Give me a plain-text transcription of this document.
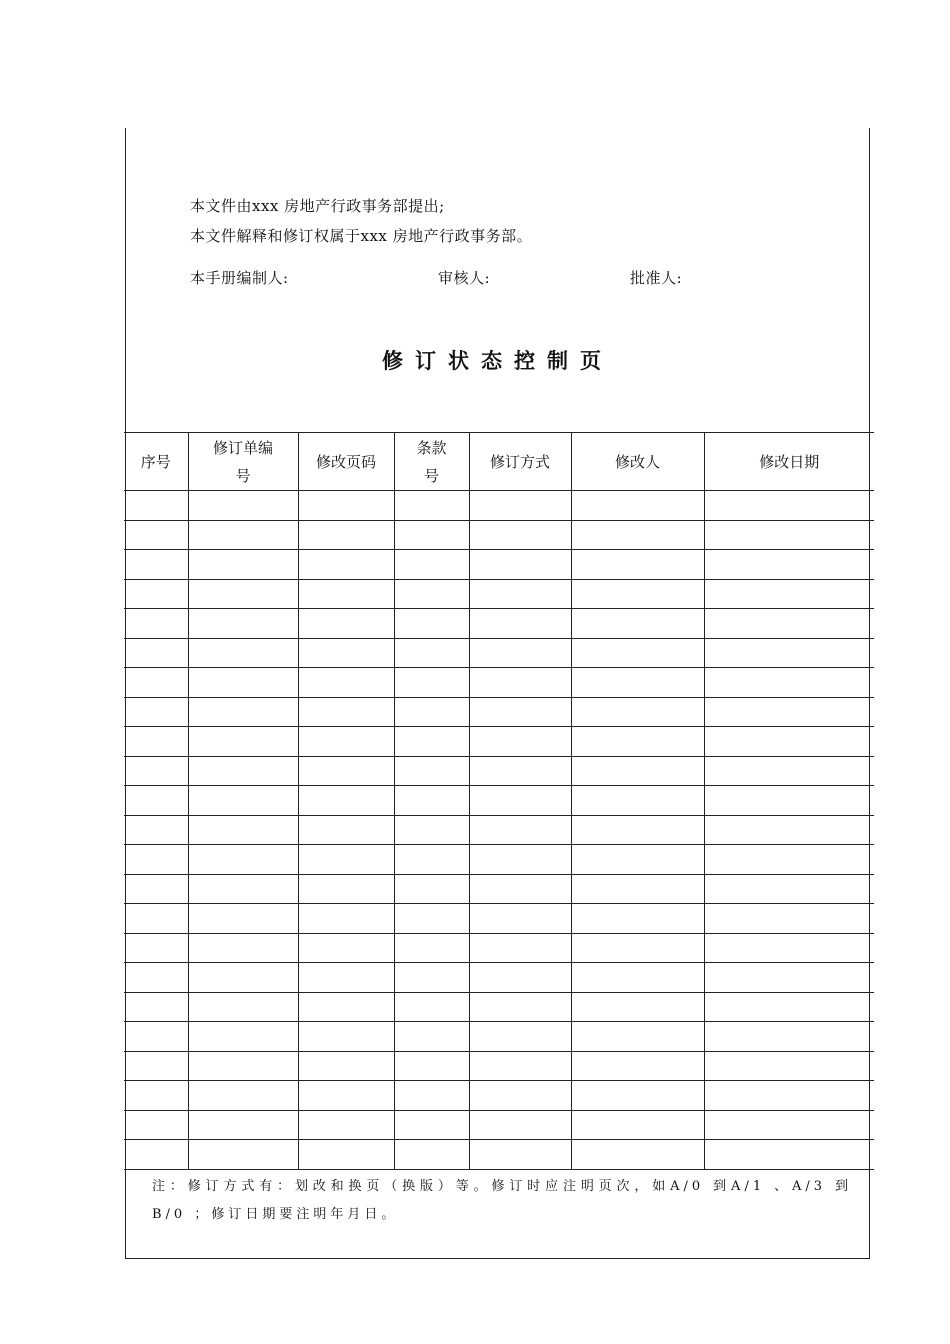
本文件由xxx 房地产行政事务部提出;
本文件解释和修订权属于xxx 房地产行政事务部。
本手册编制人:	审核人:	批准人:
修订状态控制页
序号	修订单编号	修改页码	条款号	修订方式	修改人	修改日期

注：修订方式有：划改和换页（换版）等。修订时应注明页次，如A/0 到A/1 、A/3 到B/0 ；修订日期要注明年月日。
